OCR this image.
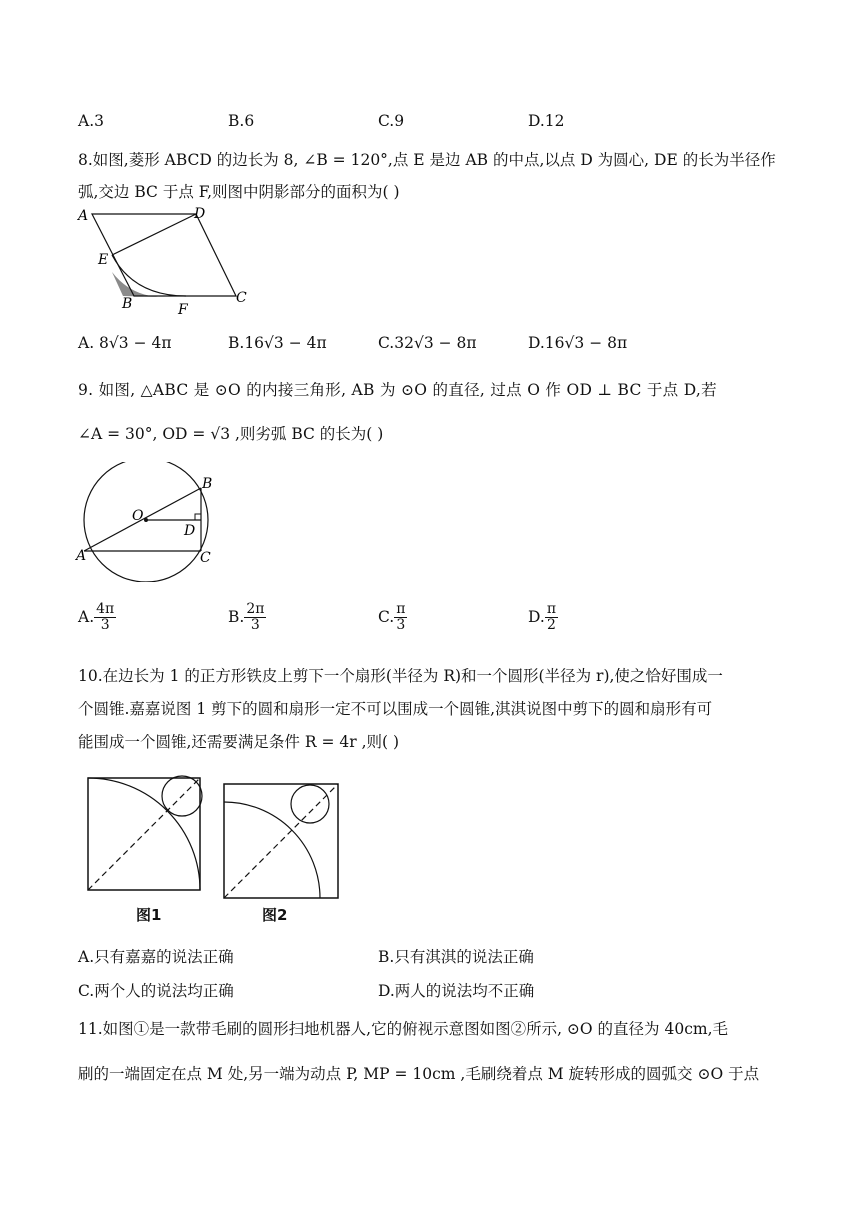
A.3	B.6	C.9	D.12
8.如图,菱形 ABCD 的边长为 8, ∠B = 120°,点 E 是边 AB 的中点,以点 D 为圆心, DE 的长为半径作
弧,交边 BC 于点 F,则图中阴影部分的面积为( )
A	D
E
B	F
C
A. 8√3 − 4π	B.16√3 − 4π	C.32√3 − 8π	D.16√3 − 8π
9. 如图, △ABC 是 ⊙O 的内接三角形, AB 为 ⊙O 的直径, 过点 O 作 OD ⊥ BC 于点 D,若
∠A = 30°, OD = √3 ,则劣弧 BC 的长为( )
O
B
D
A	C
A. $\frac{4\pi}{3}$	B. $\frac{2\pi}{3}$	C. $\frac{\pi}{3}$	D. $\frac{\pi}{2}$
10.在边长为 1 的正方形铁皮上剪下一个扇形(半径为 R)和一个圆形(半径为 r),使之恰好围成一
个圆锥.嘉嘉说图 1 剪下的圆和扇形一定不可以围成一个圆锥,淇淇说图中剪下的圆和扇形有可
能围成一个圆锥,还需要满足条件 R = 4r ,则( )
图1	图2
A.只有嘉嘉的说法正确	B.只有淇淇的说法正确
C.两个人的说法均正确	D.两人的说法均不正确
11.如图①是一款带毛刷的圆形扫地机器人,它的俯视示意图如图②所示, ⊙O 的直径为 40cm,毛
刷的一端固定在点 M 处,另一端为动点 P, MP = 10cm ,毛刷绕着点 M 旋转形成的圆弧交 ⊙O 于点
